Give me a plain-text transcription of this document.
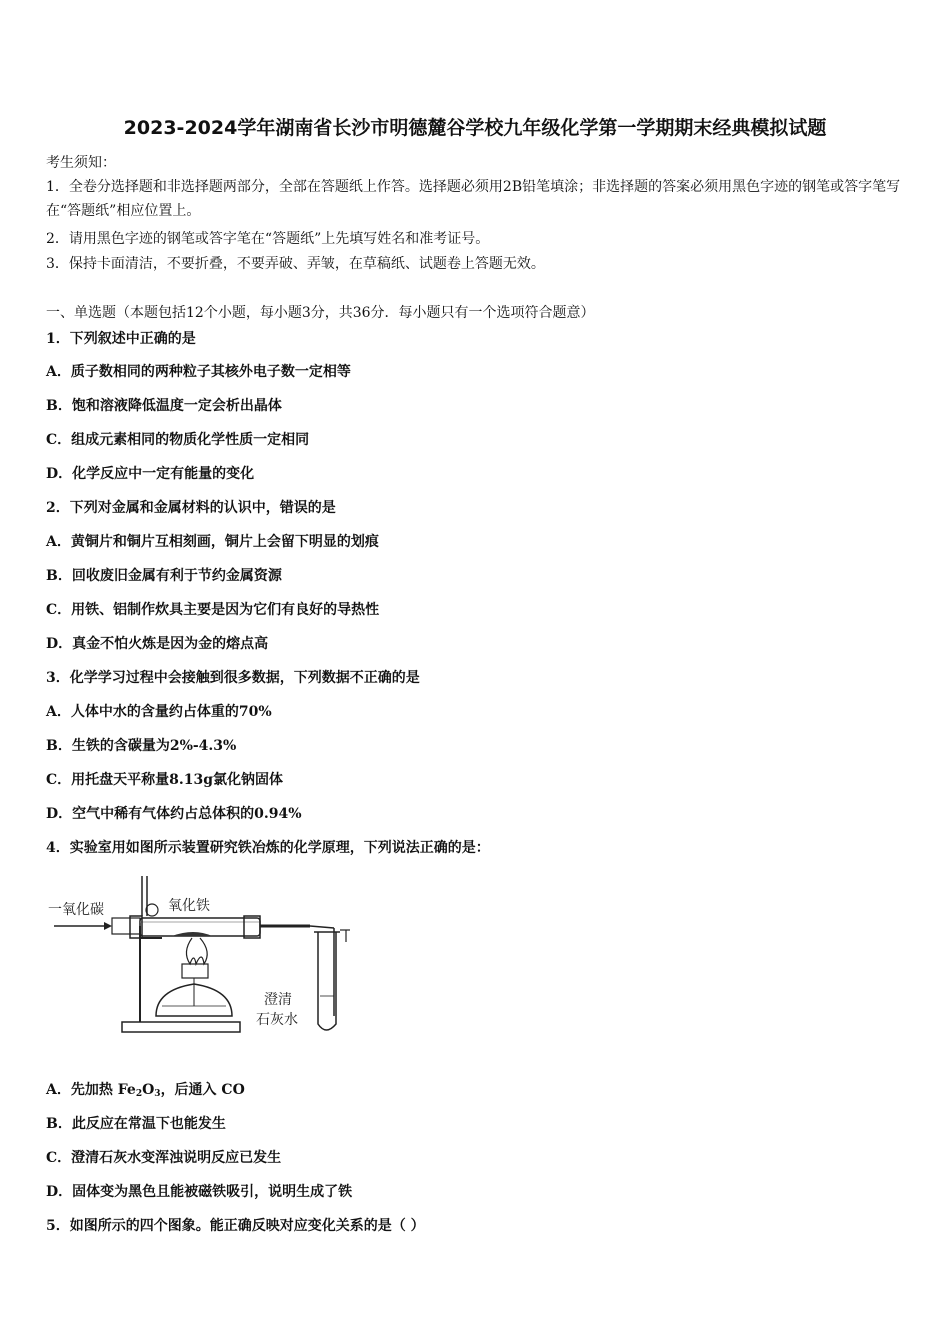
2023-2024学年湖南省长沙市明德麓谷学校九年级化学第一学期期末经典模拟试题
考生须知：
1．全卷分选择题和非选择题两部分，全部在答题纸上作答。选择题必须用2B铅笔填涂；非选择题的答案必须用黑色字迹的钢笔或答字笔写在“答题纸”相应位置上。
2．请用黑色字迹的钢笔或答字笔在“答题纸”上先填写姓名和准考证号。
3．保持卡面清洁，不要折叠，不要弄破、弄皱，在草稿纸、试题卷上答题无效。
一、单选题（本题包括12个小题，每小题3分，共36分．每小题只有一个选项符合题意）
1．下列叙述中正确的是
A．质子数相同的两种粒子其核外电子数一定相等
B．饱和溶液降低温度一定会析出晶体
C．组成元素相同的物质化学性质一定相同
D．化学反应中一定有能量的变化
2．下列对金属和金属材料的认识中，错误的是
A．黄铜片和铜片互相刻画，铜片上会留下明显的划痕
B．回收废旧金属有利于节约金属资源
C．用铁、铝制作炊具主要是因为它们有良好的导热性
D．真金不怕火炼是因为金的熔点高
3．化学学习过程中会接触到很多数据，下列数据不正确的是
A．人体中水的含量约占体重的70%
B．生铁的含碳量为2%-4.3%
C．用托盘天平称量8.13g氯化钠固体
D．空气中稀有气体约占总体积的0.94%
4．实验室用如图所示装置研究铁冶炼的化学原理，下列说法正确的是：
一氧化碳	氧化铁
澄清
石灰水
A．先加热 $Fe_2O_3$，后通入 CO
B．此反应在常温下也能发生
C．澄清石灰水变浑浊说明反应已发生
D．固体变为黑色且能被磁铁吸引，说明生成了铁
5．如图所示的四个图象。能正确反映对应变化关系的是（ ）
